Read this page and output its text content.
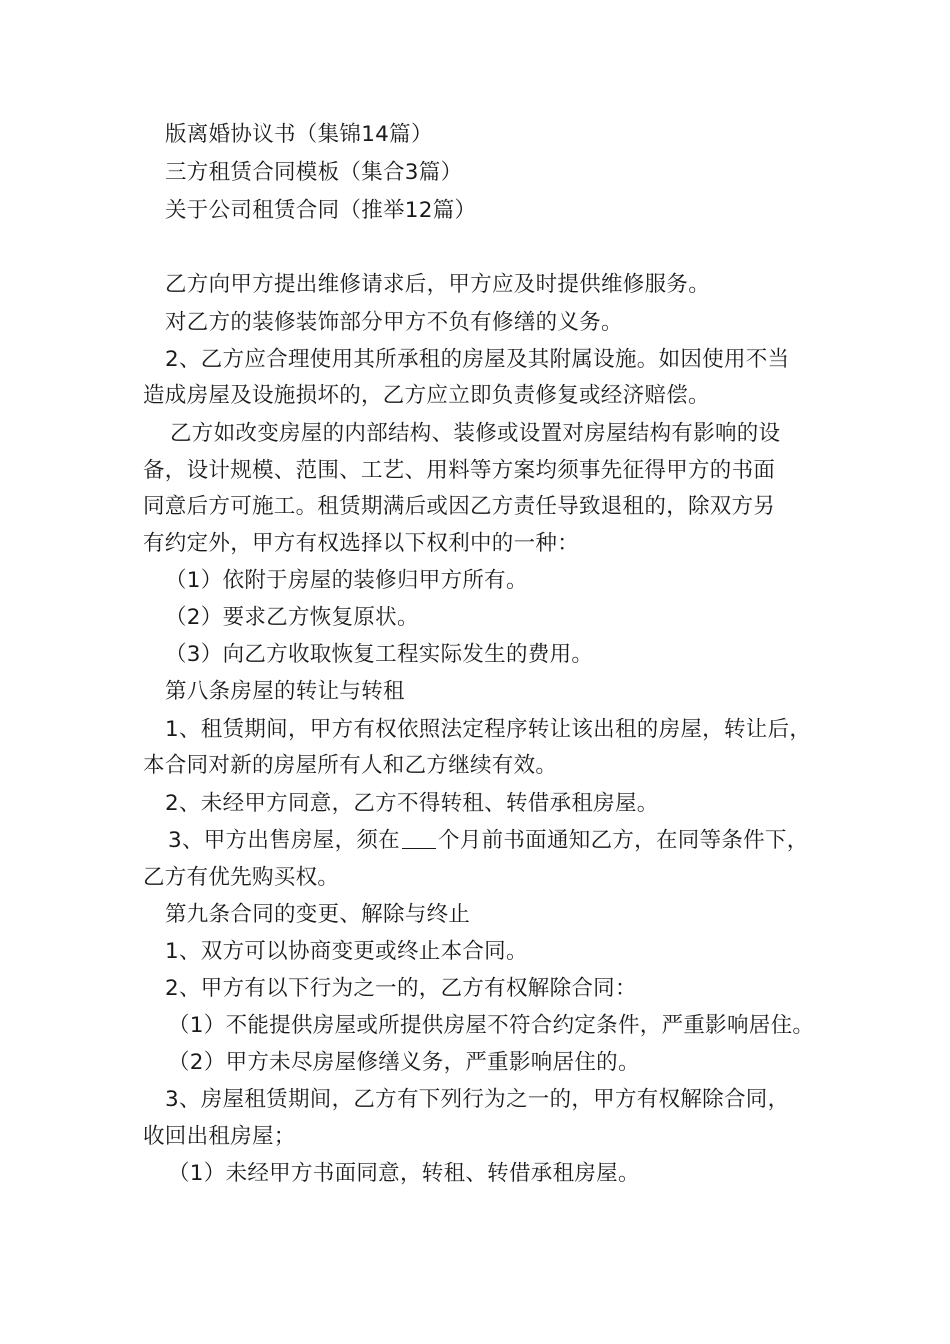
版离婚协议书（集锦14篇）
三方租赁合同模板（集合3篇）
关于公司租赁合同（推举12篇）
乙方向甲方提出维修请求后，甲方应及时提供维修服务。
对乙方的装修装饰部分甲方不负有修缮的义务。
2、乙方应合理使用其所承租的房屋及其附属设施。如因使用不当
造成房屋及设施损坏的，乙方应立即负责修复或经济赔偿。
乙方如改变房屋的内部结构、装修或设置对房屋结构有影响的设
备，设计规模、范围、工艺、用料等方案均须事先征得甲方的书面
同意后方可施工。租赁期满后或因乙方责任导致退租的，除双方另
有约定外，甲方有权选择以下权利中的一种：
（1）依附于房屋的装修归甲方所有。
（2）要求乙方恢复原状。
（3）向乙方收取恢复工程实际发生的费用。
第八条房屋的转让与转租
1、租赁期间，甲方有权依照法定程序转让该出租的房屋，转让后，
本合同对新的房屋所有人和乙方继续有效。
2、未经甲方同意，乙方不得转租、转借承租房屋。
3、甲方出售房屋，须在 个月前书面通知乙方，在同等条件下，
乙方有优先购买权。
第九条合同的变更、解除与终止
1、双方可以协商变更或终止本合同。
2、甲方有以下行为之一的，乙方有权解除合同：
（1）不能提供房屋或所提供房屋不符合约定条件，严重影响居住。
（2）甲方未尽房屋修缮义务，严重影响居住的。
3、房屋租赁期间，乙方有下列行为之一的，甲方有权解除合同，
收回出租房屋；
（1）未经甲方书面同意，转租、转借承租房屋。
